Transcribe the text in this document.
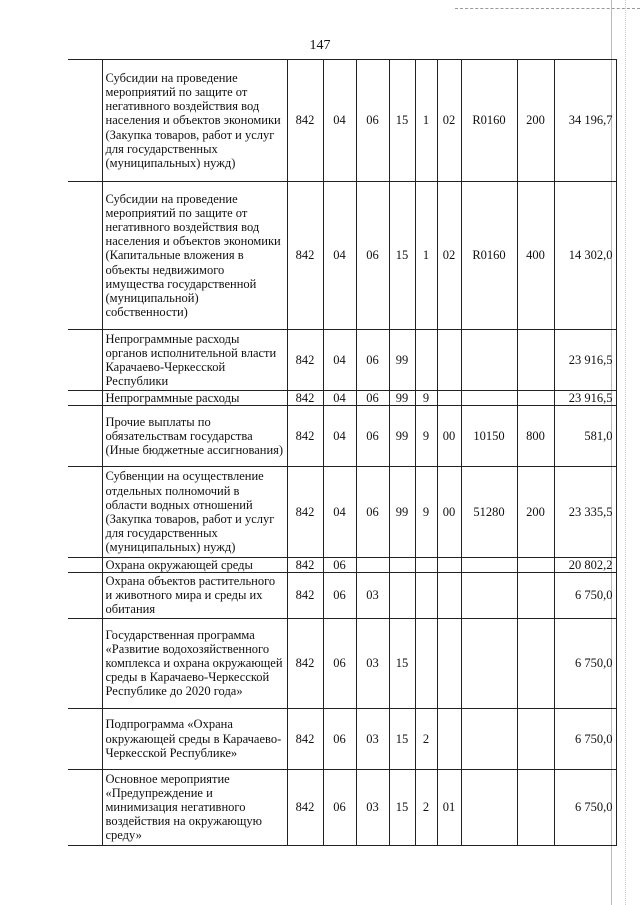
147
	Субсидии на проведение мероприятий по защите от негативного воздействия вод населения и объектов экономики (Закупка товаров, работ и услуг для государственных (муниципальных) нужд)	842	04	06	15	1	02	R0160	200	34 196,7
	Субсидии на проведение мероприятий по защите от негативного воздействия вод населения и объектов экономики (Капитальные вложения в объекты недвижимого имущества государственной (муниципальной) собственности)	842	04	06	15	1	02	R0160	400	14 302,0
	Непрограммные расходы органов исполнительной власти Карачаево-Черкесской Республики	842	04	06	99					23 916,5
	Непрограммные расходы	842	04	06	99	9				23 916,5
	Прочие выплаты по обязательствам государства (Иные бюджетные ассигнования)	842	04	06	99	9	00	10150	800	581,0
	Субвенции на осуществление отдельных полномочий в области водных отношений (Закупка товаров, работ и услуг для государственных (муниципальных) нужд)	842	04	06	99	9	00	51280	200	23 335,5
	Охрана окружающей среды	842	06							20 802,2
	Охрана объектов растительного и животного мира и среды их обитания	842	06	03						6 750,0
	Государственная программа «Развитие водохозяйственного комплекса и охрана окружающей среды в Карачаево-Черкесской Республике до 2020 года»	842	06	03	15					6 750,0
	Подпрограмма «Охрана окружающей среды в Карачаево-Черкесской Республике»	842	06	03	15	2				6 750,0
	Основное мероприятие «Предупреждение и минимизация негативного воздействия на окружающую среду»	842	06	03	15	2	01			6 750,0
